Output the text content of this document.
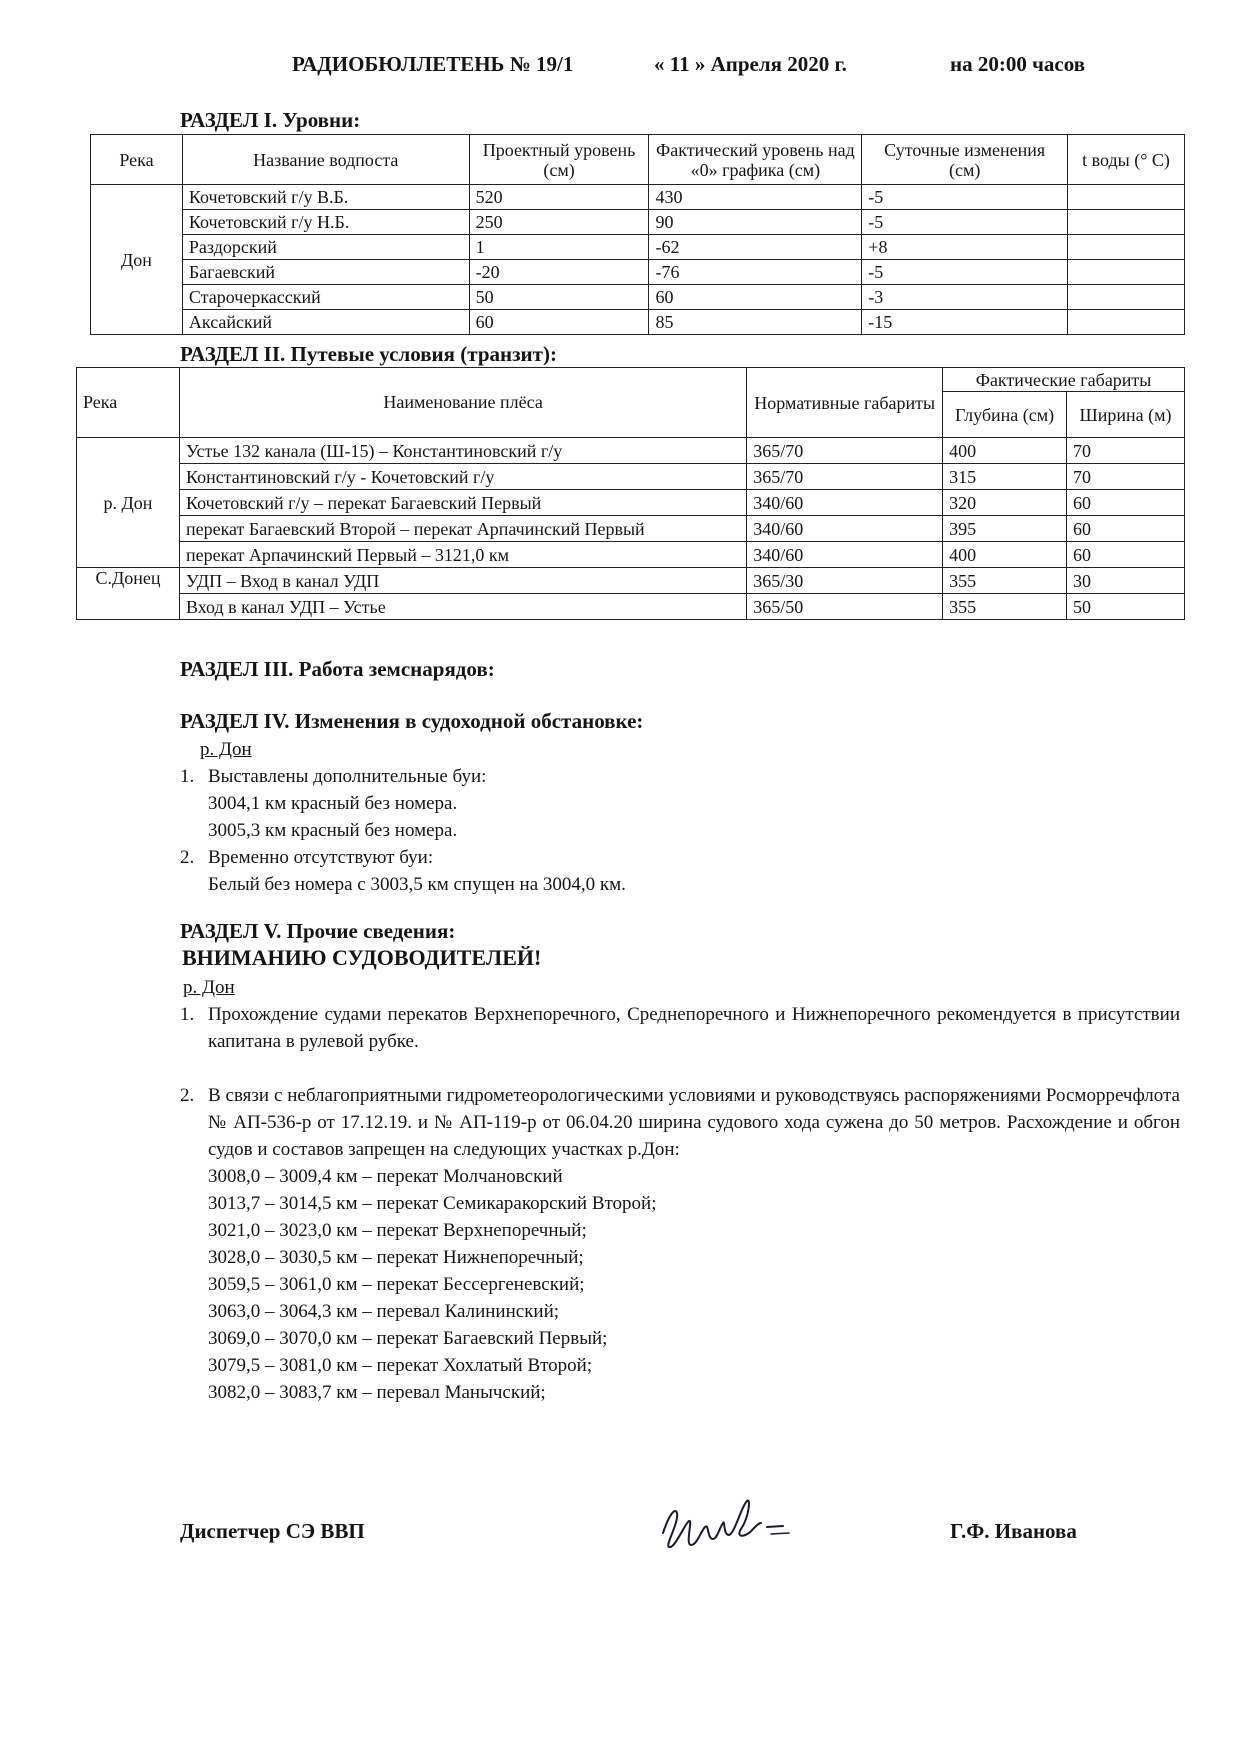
РАДИОБЮЛЛЕТЕНЬ № 19/1	« 11 » Апреля 2020 г.	на 20:00 часов
РАЗДЕЛ I. Уровни:
Река	Название водпоста	Проектный уровень (см)	Фактический уровень над «0» графика (см)	Суточные изменения (см)	t воды (° C)
Дон	Кочетовский г/у В.Б.	520	430	-5	
	Кочетовский г/у Н.Б.	250	90	-5	
	Раздорский	1	-62	+8	
	Багаевский	-20	-76	-5	
	Старочеркасский	50	60	-3	
	Аксайский	60	85	-15	
РАЗДЕЛ II. Путевые условия (транзит):
Река	Наименование плёса	Нормативные габариты	Фактические габариты	
			Глубина (см)	Ширина (м)
р. Дон	Устье 132 канала (Ш-15) – Константиновский г/у	365/70	400	70
	Константиновский г/у - Кочетовский г/у	365/70	315	70
	Кочетовский г/у – перекат Багаевский Первый	340/60	320	60
	перекат Багаевский Второй – перекат Арпачинский Первый	340/60	395	60
	перекат Арпачинский Первый – 3121,0 км	340/60	400	60
С.Донец	УДП – Вход в канал УДП	365/30	355	30
	Вход в канал УДП – Устье	365/50	355	50
РАЗДЕЛ III. Работа земснарядов:
РАЗДЕЛ IV. Изменения в судоходной обстановке:
р. Дон
1. Выставлены дополнительные буи:
3004,1 км красный без номера.
3005,3 км красный без номера.
2. Временно отсутствуют буи:
Белый без номера с 3003,5 км спущен на 3004,0 км.
РАЗДЕЛ V. Прочие сведения:
ВНИМАНИЮ СУДОВОДИТЕЛЕЙ!
р. Дон
1. Прохождение судами перекатов Верхнепоречного, Среднепоречного и Нижнепоречного рекомендуется в присутствии капитана в рулевой рубке.
2. В связи с неблагоприятными гидрометеорологическими условиями и руководствуясь распоряжениями Росморречфлота № АП-536-р от 17.12.19. и № АП-119-р от 06.04.20 ширина судового хода сужена до 50 метров. Расхождение и обгон судов и составов запрещен на следующих участках р.Дон:
3008,0 – 3009,4 км – перекат Молчановский
3013,7 – 3014,5 км – перекат Семикаракорский Второй;
3021,0 – 3023,0 км – перекат Верхнепоречный;
3028,0 – 3030,5 км – перекат Нижнепоречный;
3059,5 – 3061,0 км – перекат Бессергеневский;
3063,0 – 3064,3 км – перевал Калининский;
3069,0 – 3070,0 км – перекат Багаевский Первый;
3079,5 – 3081,0 км – перекат Хохлатый Второй;
3082,0 – 3083,7 км – перевал Манычский;
Диспетчер СЭ ВВП	Г.Ф. Иванова
